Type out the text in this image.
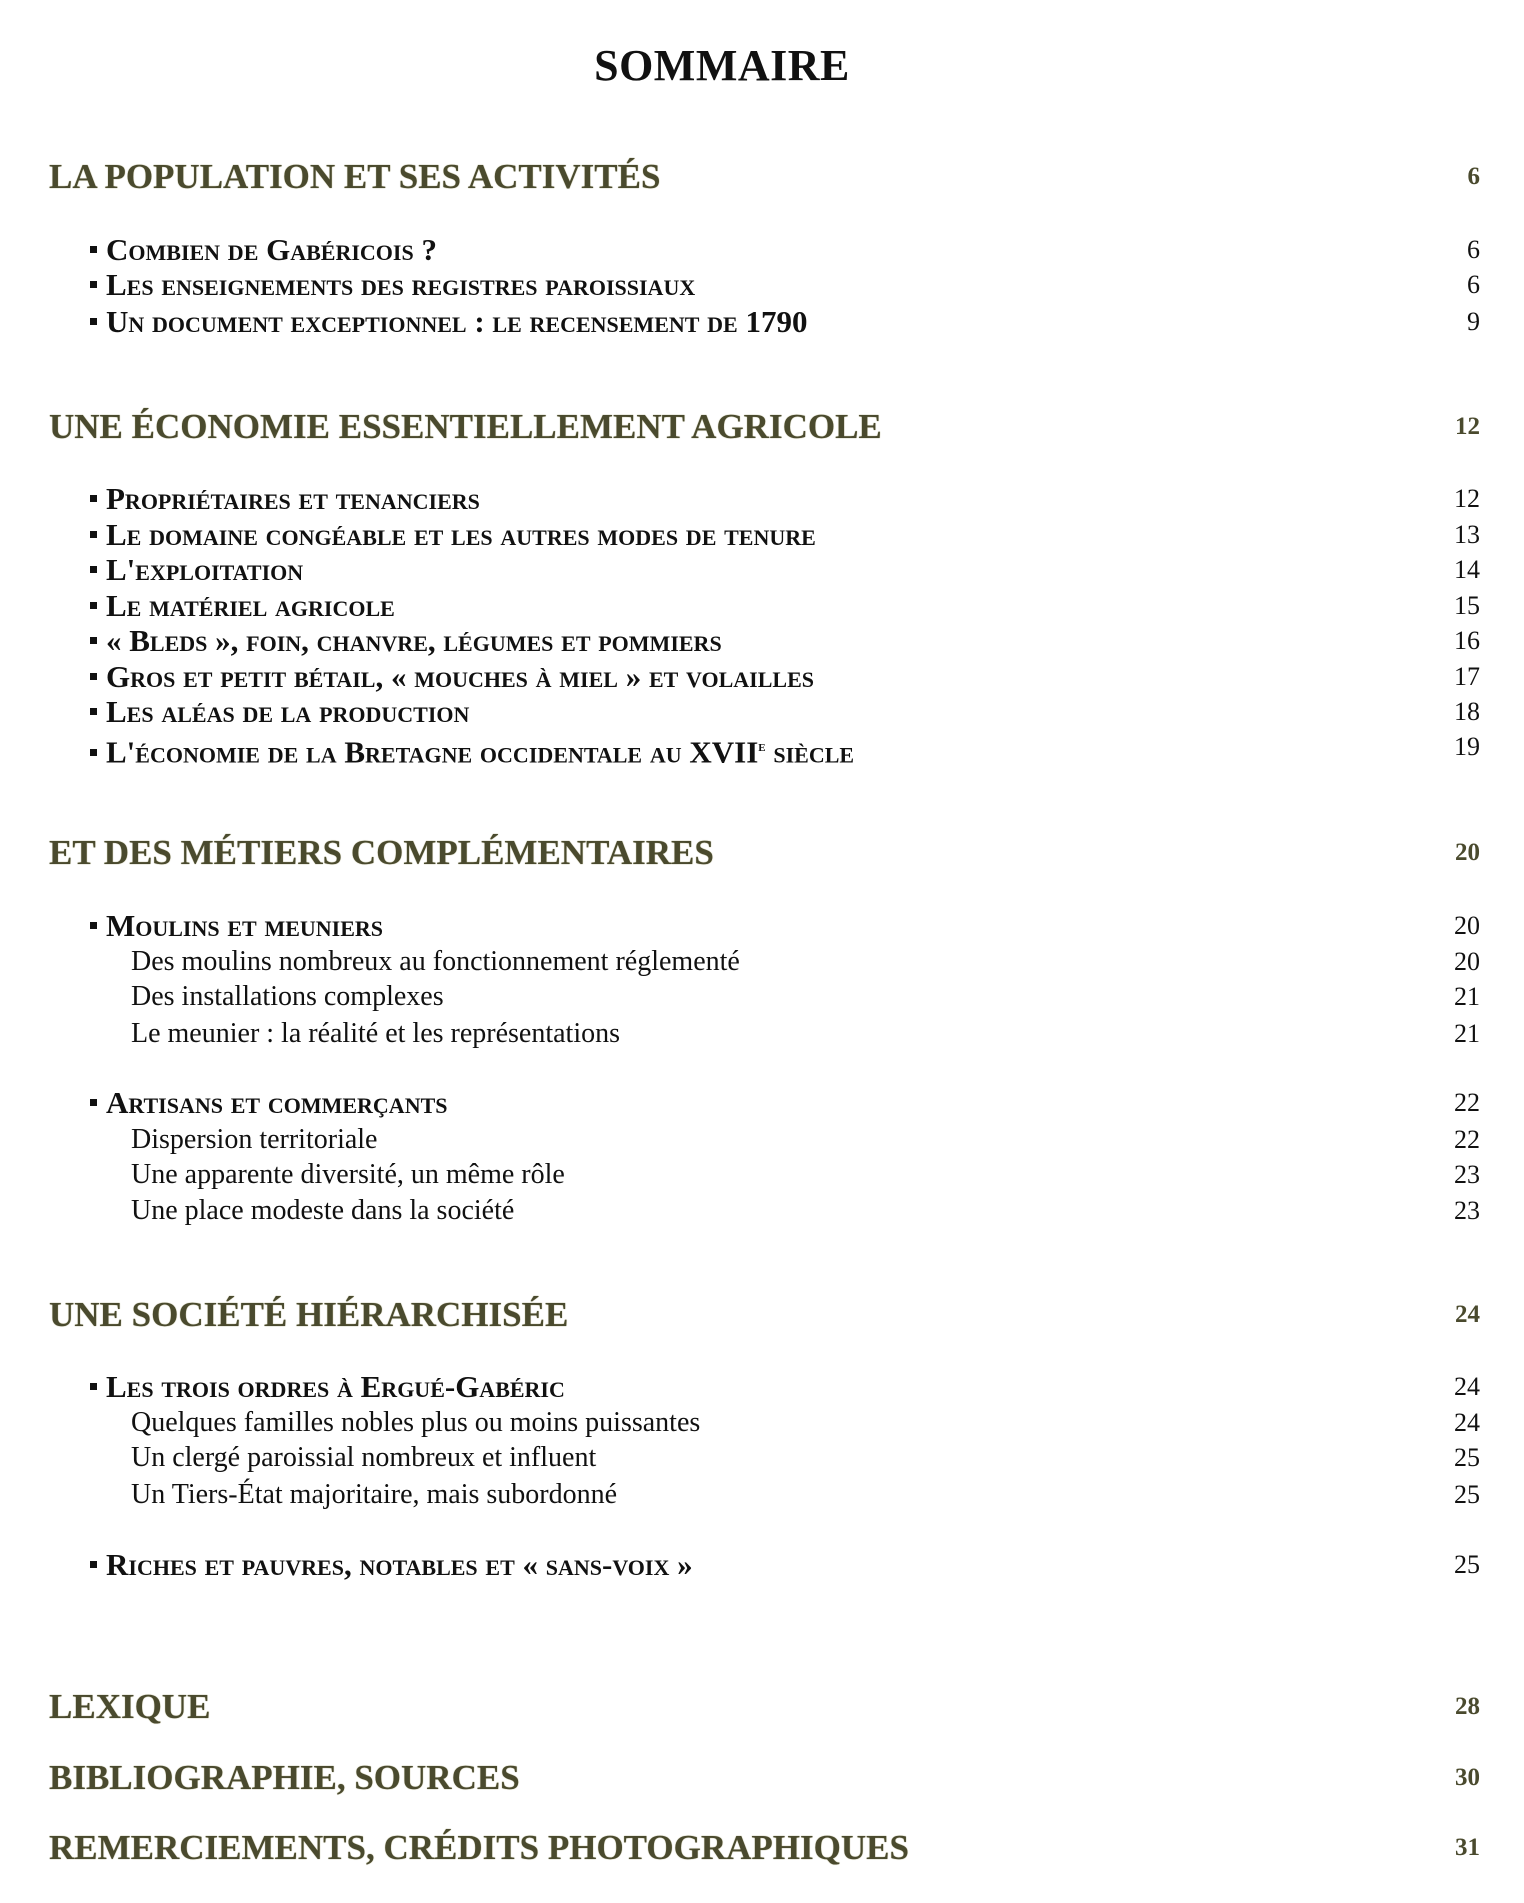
SOMMAIRE
LA POPULATION ET SES ACTIVITÉS	6
Combien de Gabéricois ?	6
Les enseignements des registres paroissiaux	6
Un document exceptionnel : le recensement de 1790	9
UNE ÉCONOMIE ESSENTIELLEMENT AGRICOLE	12
Propriétaires et tenanciers	12
Le domaine congéable et les autres modes de tenure	13
L'exploitation	14
Le matériel agricole	15
« Bleds », foin, chanvre, légumes et pommiers	16
Gros et petit bétail, « mouches à miel » et volailles	17
Les aléas de la production	18
L'économie de la Bretagne occidentale au XVIIe siècle	19
ET DES MÉTIERS COMPLÉMENTAIRES	20
Moulins et meuniers	20
Des moulins nombreux au fonctionnement réglementé	20
Des installations complexes	21
Le meunier : la réalité et les représentations	21
Artisans et commerçants	22
Dispersion territoriale	22
Une apparente diversité, un même rôle	23
Une place modeste dans la société	23
UNE SOCIÉTÉ HIÉRARCHISÉE	24
Les trois ordres à Ergué-Gabéric	24
Quelques familles nobles plus ou moins puissantes	24
Un clergé paroissial nombreux et influent	25
Un Tiers-État majoritaire, mais subordonné	25
Riches et pauvres, notables et « sans-voix »	25
LEXIQUE	28
BIBLIOGRAPHIE, SOURCES	30
REMERCIEMENTS, CRÉDITS PHOTOGRAPHIQUES	31
